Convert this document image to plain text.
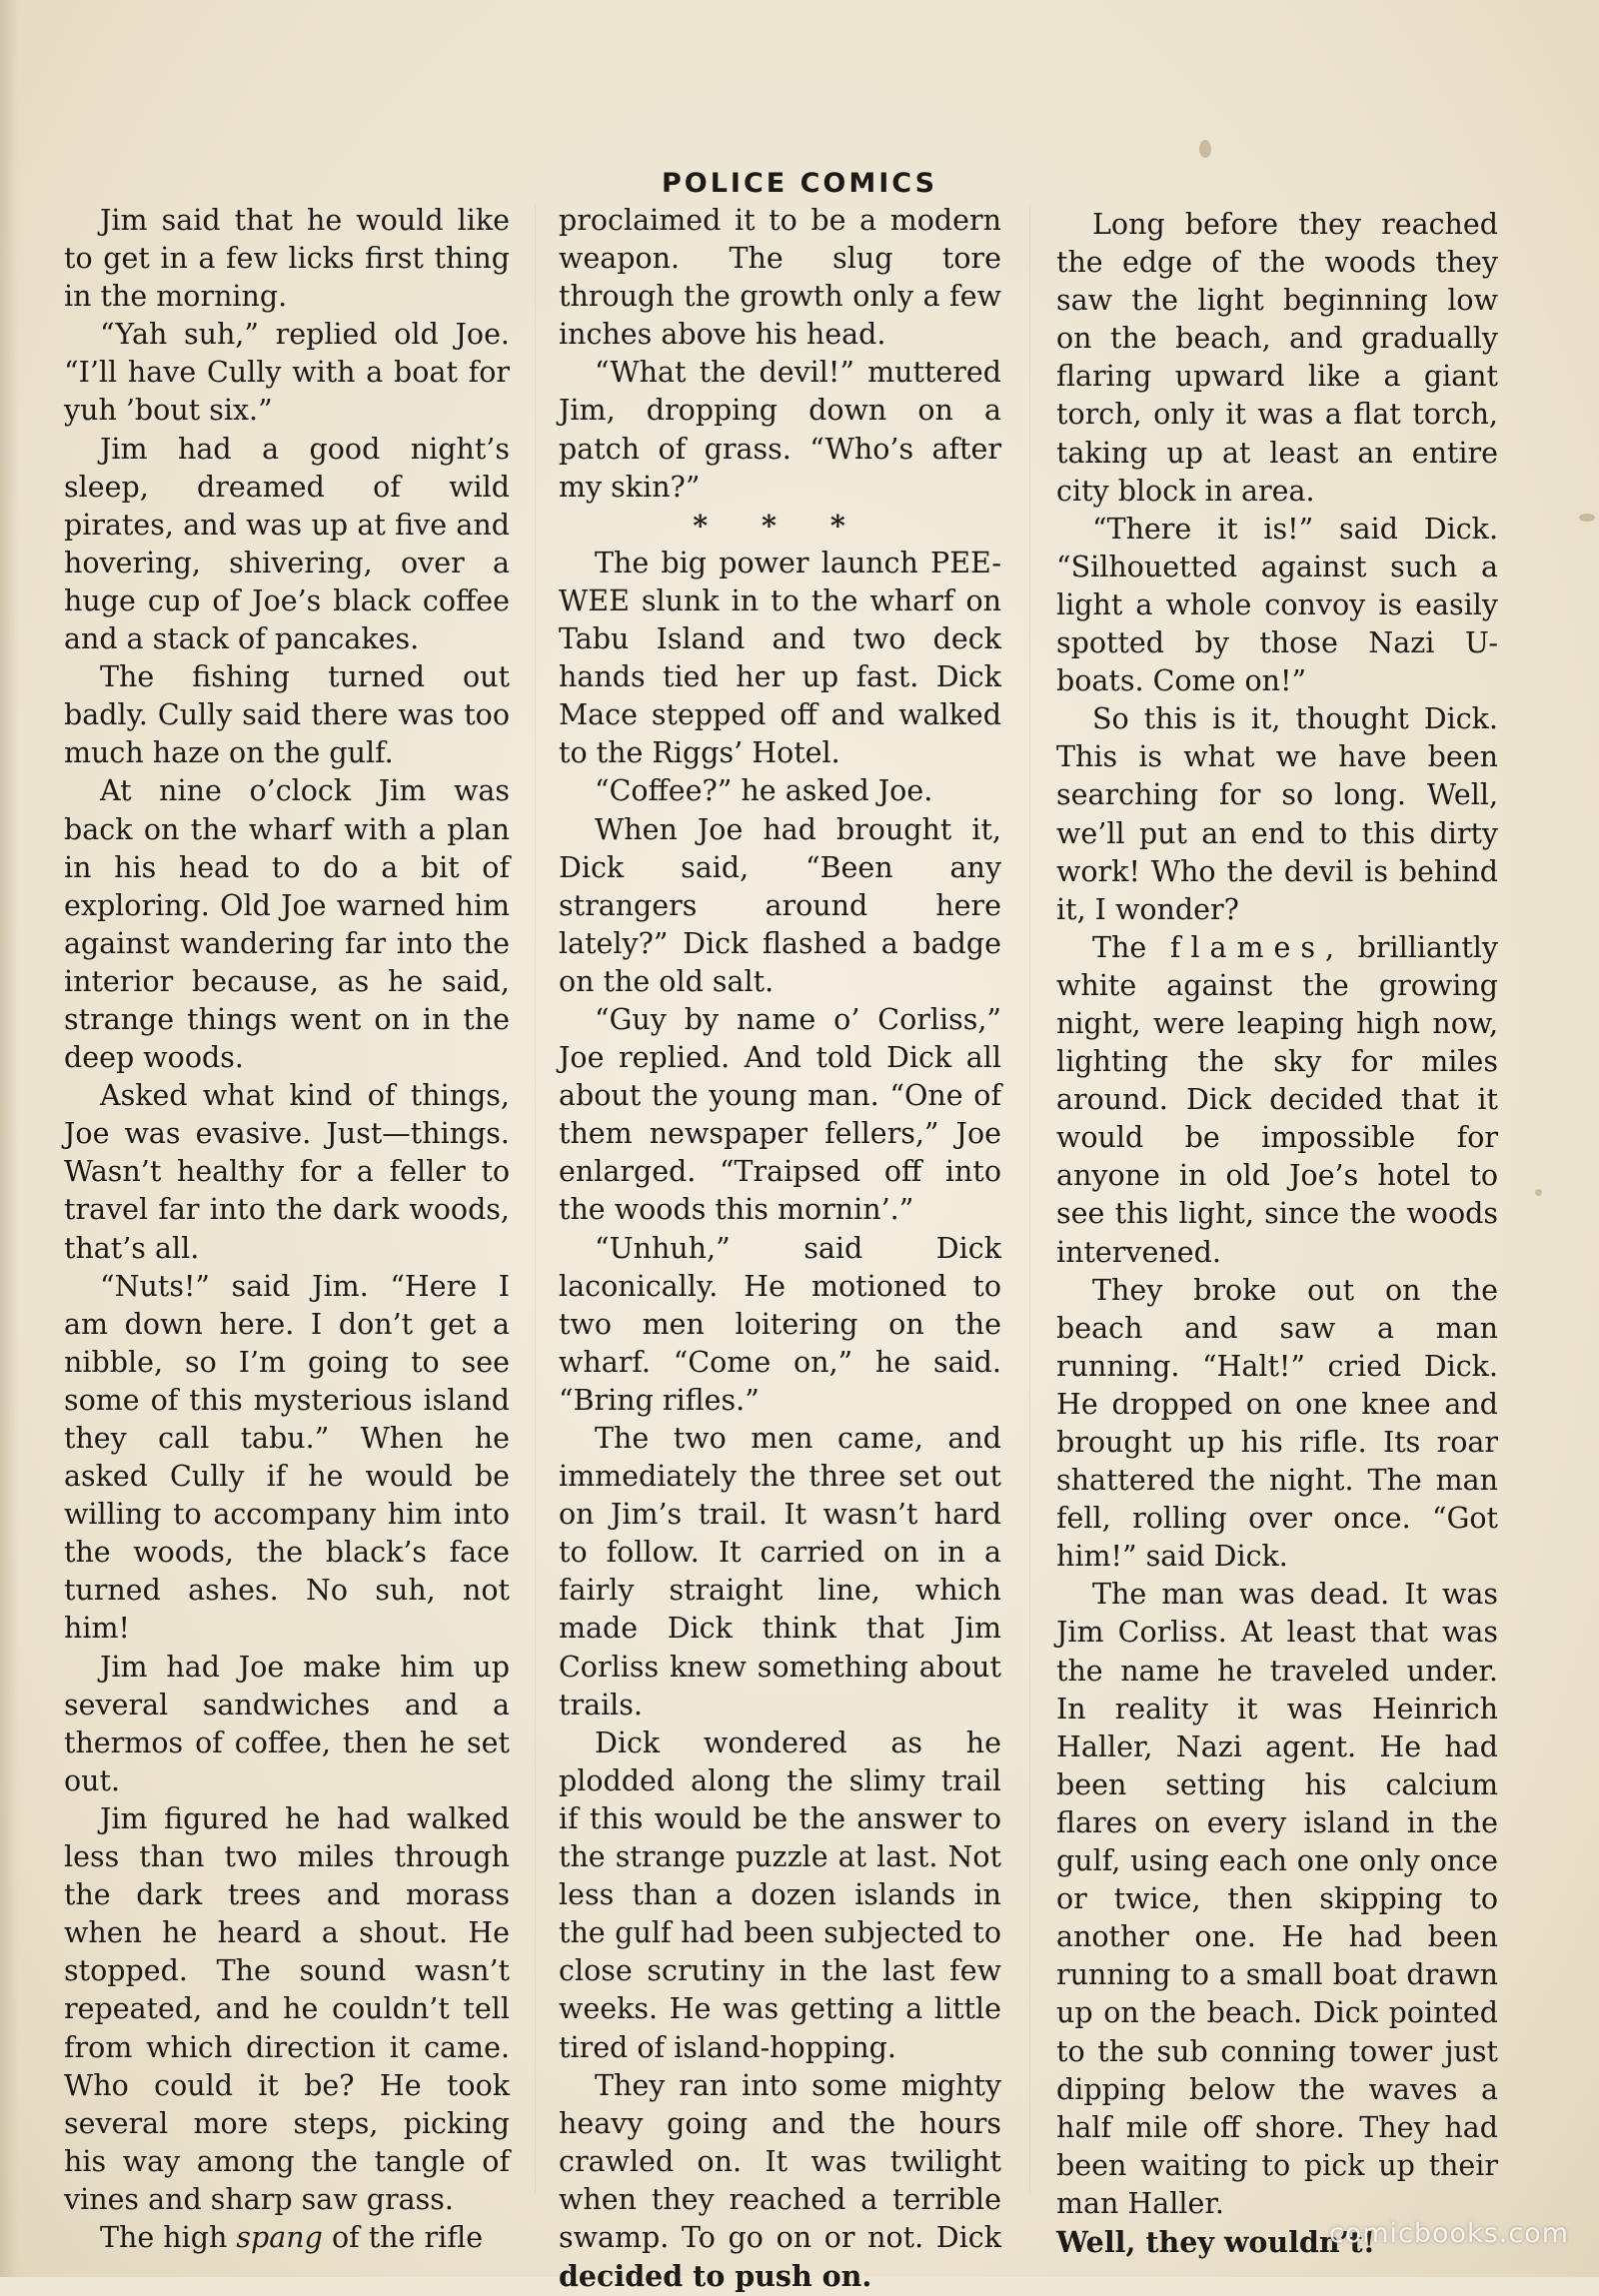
POLICE COMICS

Jim said that he would like to get in a few licks first thing in the morning.

“Yah suh,” replied old Joe. “I’ll have Cully with a boat for yuh ’bout six.”

Jim had a good night’s sleep, dreamed of wild pirates, and was up at five and hovering, shivering, over a huge cup of Joe’s black coffee and a stack of pancakes.

The fishing turned out badly. Cully said there was too much haze on the gulf.

At nine o’clock Jim was back on the wharf with a plan in his head to do a bit of exploring. Old Joe warned him against wandering far into the interior because, as he said, strange things went on in the deep woods.

Asked what kind of things, Joe was evasive. Just—things. Wasn’t healthy for a feller to travel far into the dark woods, that’s all.

“Nuts!” said Jim. “Here I am down here. I don’t get a nibble, so I’m going to see some of this mysterious island they call tabu.” When he asked Cully if he would be willing to accompany him into the woods, the black’s face turned ashes. No suh, not him!

Jim had Joe make him up several sandwiches and a thermos of coffee, then he set out.

Jim figured he had walked less than two miles through the dark trees and morass when he heard a shout. He stopped. The sound wasn’t repeated, and he couldn’t tell from which direction it came. Who could it be? He took several more steps, picking his way among the tangle of vines and sharp saw grass.

The high spang of the rifle

proclaimed it to be a modern weapon. The slug tore through the growth only a few inches above his head.

“What the devil!” muttered Jim, dropping down on a patch of grass. “Who’s after my skin?”

* * *

The big power launch PEE-WEE slunk in to the wharf on Tabu Island and two deck hands tied her up fast. Dick Mace stepped off and walked to the Riggs’ Hotel.

“Coffee?” he asked Joe.

When Joe had brought it, Dick said, “Been any strangers around here lately?” Dick flashed a badge on the old salt.

“Guy by name o’ Corliss,” Joe replied. And told Dick all about the young man. “One of them newspaper fellers,” Joe enlarged. “Traipsed off into the woods this mornin’.”

“Unhuh,” said Dick laconically. He motioned to two men loitering on the wharf. “Come on,” he said. “Bring rifles.”

The two men came, and immediately the three set out on Jim’s trail. It wasn’t hard to follow. It carried on in a fairly straight line, which made Dick think that Jim Corliss knew something about trails.

Dick wondered as he plodded along the slimy trail if this would be the answer to the strange puzzle at last. Not less than a dozen islands in the gulf had been subjected to close scrutiny in the last few weeks. He was getting a little tired of island-hopping.

They ran into some mighty heavy going and the hours crawled on. It was twilight when they reached a terrible swamp. To go on or not. Dick decided to push on.

Long before they reached the edge of the woods they saw the light beginning low on the beach, and gradually flaring upward like a giant torch, only it was a flat torch, taking up at least an entire city block in area.

“There it is!” said Dick. “Silhouetted against such a light a whole convoy is easily spotted by those Nazi U-boats. Come on!”

So this is it, thought Dick. This is what we have been searching for so long. Well, we’ll put an end to this dirty work! Who the devil is behind it, I wonder?

The flames, brilliantly white against the growing night, were leaping high now, lighting the sky for miles around. Dick decided that it would be impossible for anyone in old Joe’s hotel to see this light, since the woods intervened.

They broke out on the beach and saw a man running. “Halt!” cried Dick. He dropped on one knee and brought up his rifle. Its roar shattered the night. The man fell, rolling over once. “Got him!” said Dick.

The man was dead. It was Jim Corliss. At least that was the name he traveled under. In reality it was Heinrich Haller, Nazi agent. He had been setting his calcium flares on every island in the gulf, using each one only once or twice, then skipping to another one. He had been running to a small boat drawn up on the beach. Dick pointed to the sub conning tower just dipping below the waves a half mile off shore. They had been waiting to pick up their man Haller.

Well, they wouldn’t!

comicbooks.com
